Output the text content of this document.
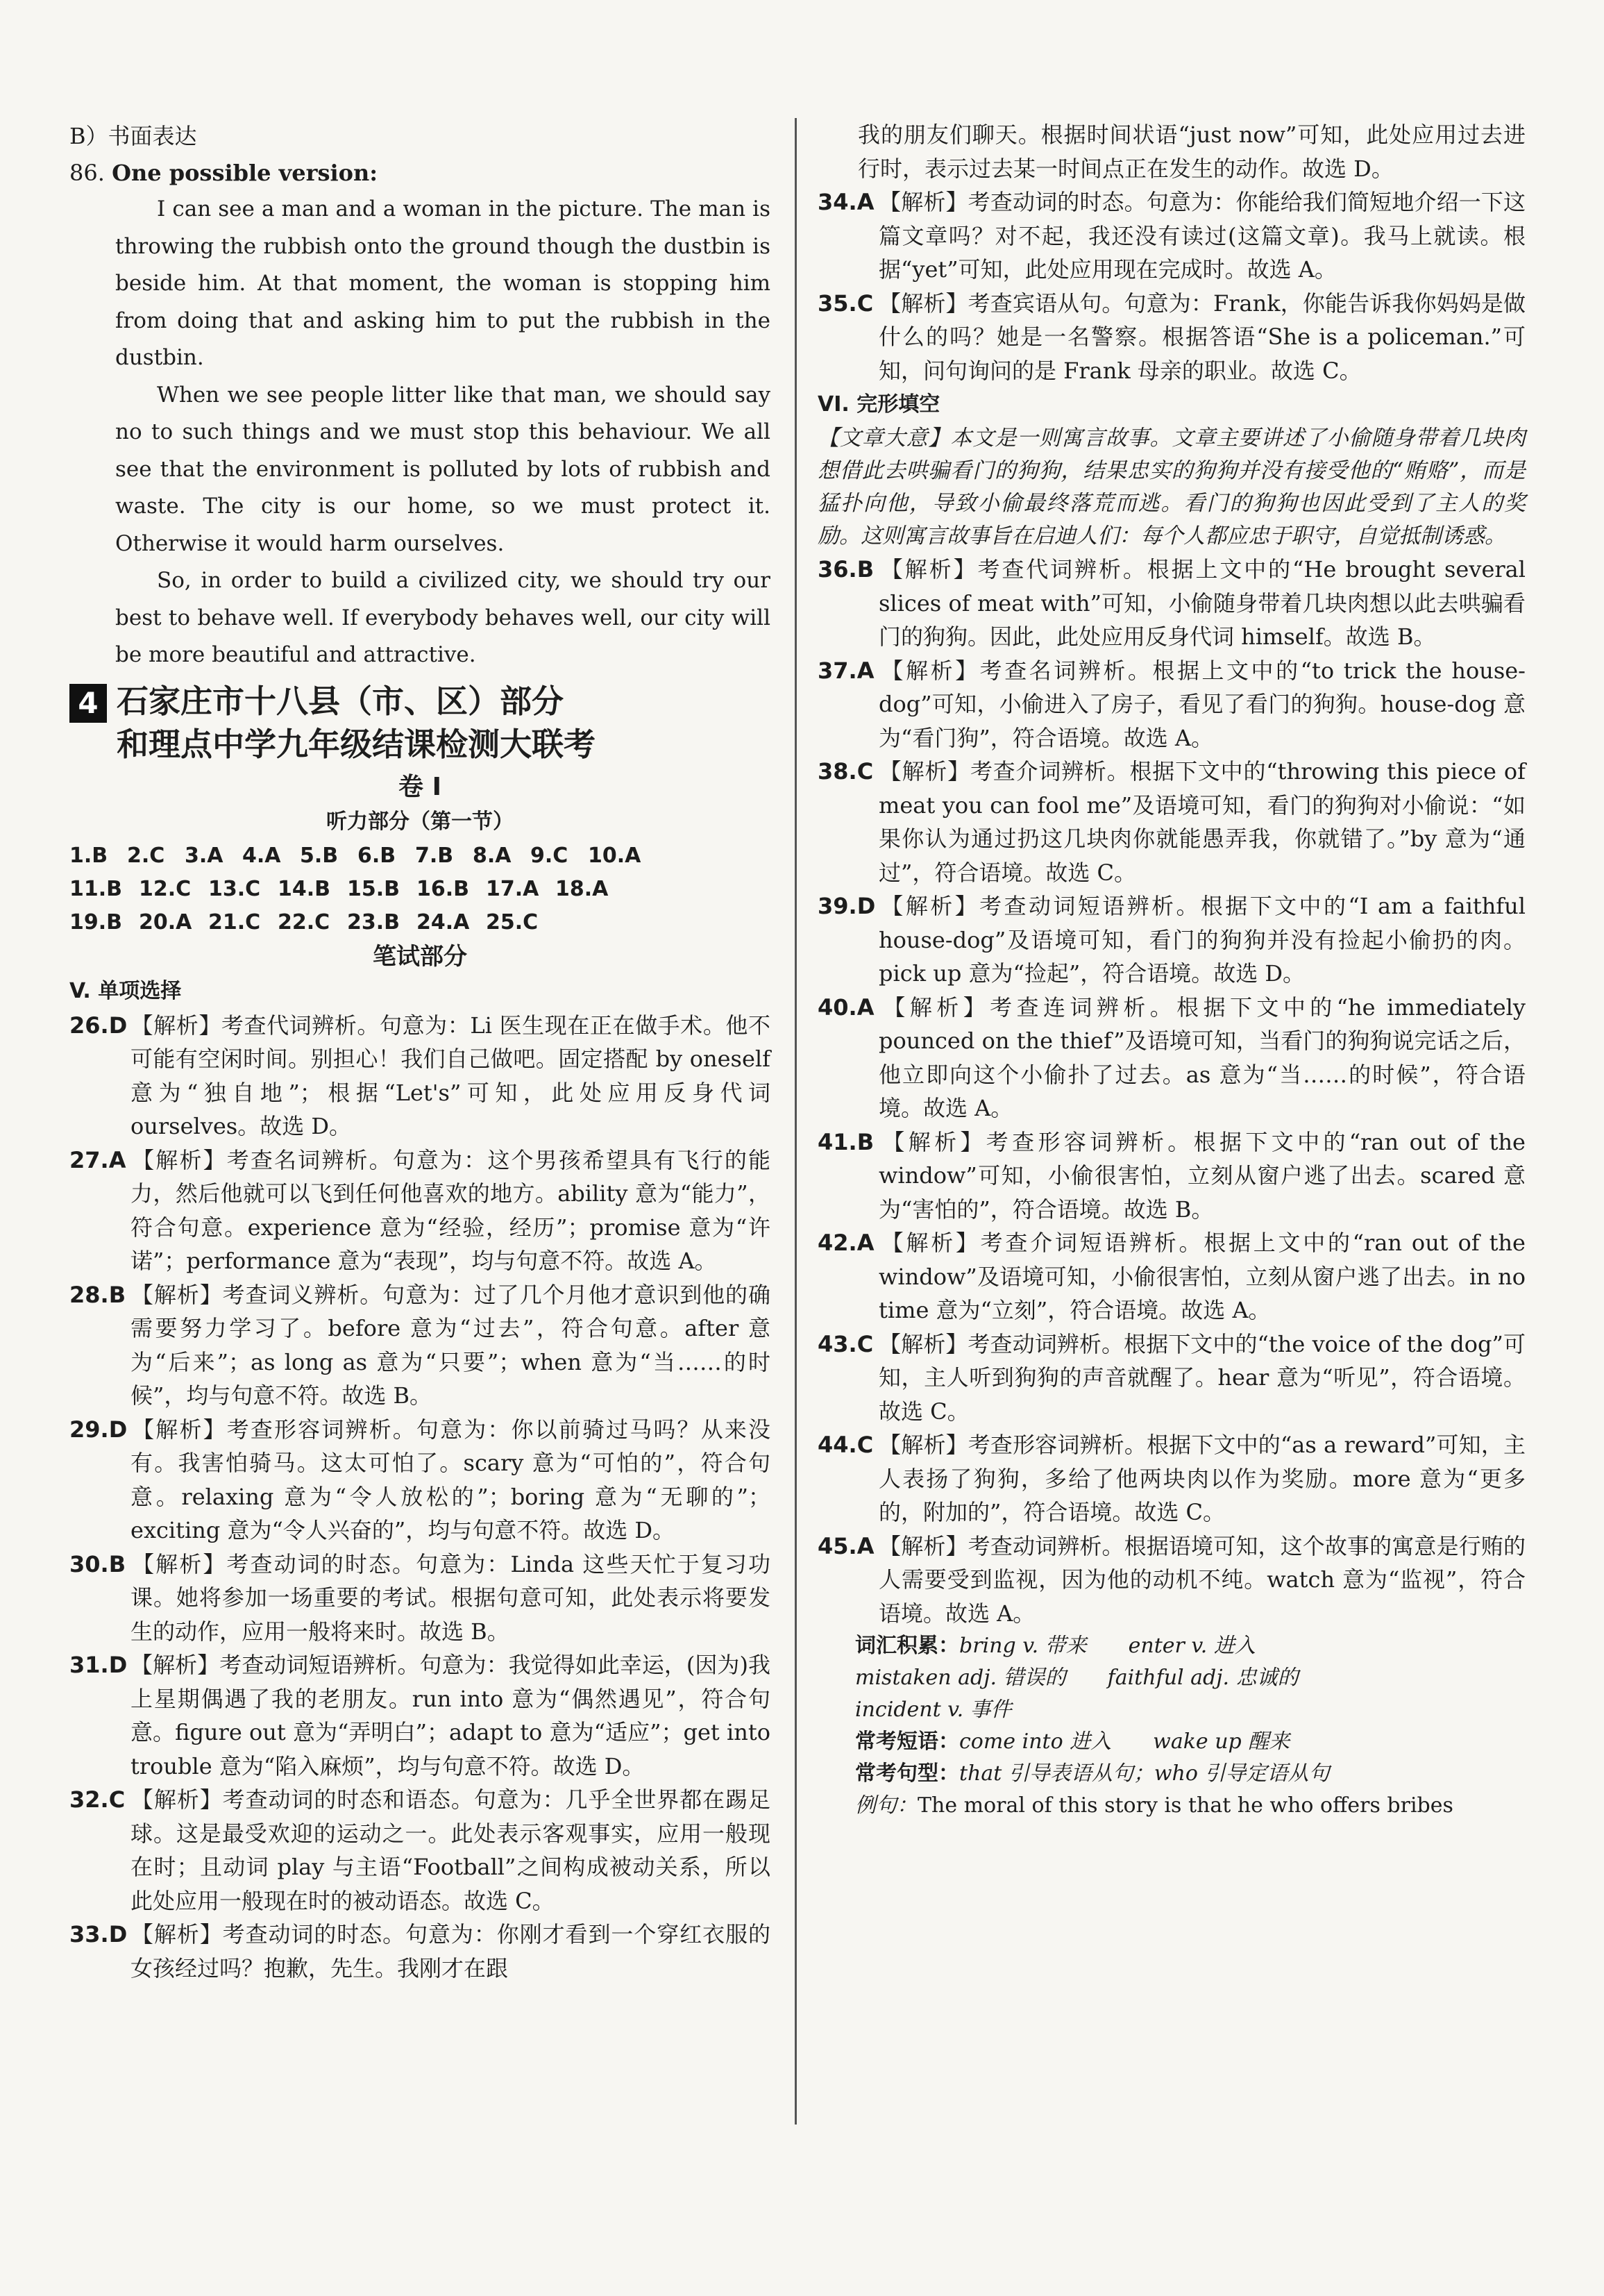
B）书面表达

86. One possible version:

I can see a man and a woman in the picture. The man is throwing the rubbish onto the ground though the dustbin is beside him. At that moment, the woman is stopping him from doing that and asking him to put the rubbish in the dustbin.

When we see people litter like that man, we should say no to such things and we must stop this behaviour. We all see that the environment is polluted by lots of rubbish and waste. The city is our home, so we must protect it. Otherwise it would harm ourselves.

So, in order to build a civilized city, we should try our best to behave well. If everybody behaves well, our city will be more beautiful and attractive.

4 石家庄市十八县（市、区）部分
和理点中学九年级结课检测大联考

卷 I

听力部分（第一节）

1.B 2.C 3.A 4.A 5.B 6.B 7.B 8.A 9.C 10.A
11.B 12.C 13.C 14.B 15.B 16.B 17.A 18.A
19.B 20.A 21.C 22.C 23.B 24.A 25.C

笔试部分

V. 单项选择

26.D 【解析】考查代词辨析。句意为：Li 医生现在正在做手术。他不可能有空闲时间。别担心！我们自己做吧。固定搭配 by oneself 意为“独自地”；根据“Let's”可知，此处应用反身代词 ourselves。故选 D。

27.A 【解析】考查名词辨析。句意为：这个男孩希望具有飞行的能力，然后他就可以飞到任何他喜欢的地方。ability 意为“能力”，符合句意。experience 意为“经验，经历”；promise 意为“许诺”；performance 意为“表现”，均与句意不符。故选 A。

28.B 【解析】考查词义辨析。句意为：过了几个月他才意识到他的确需要努力学习了。before 意为“过去”，符合句意。after 意为“后来”；as long as 意为“只要”；when 意为“当……的时候”，均与句意不符。故选 B。

29.D 【解析】考查形容词辨析。句意为：你以前骑过马吗？从来没有。我害怕骑马。这太可怕了。scary 意为“可怕的”，符合句意。relaxing 意为“令人放松的”；boring 意为“无聊的”；exciting 意为“令人兴奋的”，均与句意不符。故选 D。

30.B 【解析】考查动词的时态。句意为：Linda 这些天忙于复习功课。她将参加一场重要的考试。根据句意可知，此处表示将要发生的动作，应用一般将来时。故选 B。

31.D 【解析】考查动词短语辨析。句意为：我觉得如此幸运，(因为)我上星期偶遇了我的老朋友。run into 意为“偶然遇见”，符合句意。figure out 意为“弄明白”；adapt to 意为“适应”；get into trouble 意为“陷入麻烦”，均与句意不符。故选 D。

32.C 【解析】考查动词的时态和语态。句意为：几乎全世界都在踢足球。这是最受欢迎的运动之一。此处表示客观事实，应用一般现在时；且动词 play 与主语“Football”之间构成被动关系，所以此处应用一般现在时的被动语态。故选 C。

33.D 【解析】考查动词的时态。句意为：你刚才看到一个穿红衣服的女孩经过吗？抱歉，先生。我刚才在跟

我的朋友们聊天。根据时间状语“just now”可知，此处应用过去进行时，表示过去某一时间点正在发生的动作。故选 D。

34.A 【解析】考查动词的时态。句意为：你能给我们简短地介绍一下这篇文章吗？对不起，我还没有读过(这篇文章)。我马上就读。根据“yet”可知，此处应用现在完成时。故选 A。

35.C 【解析】考查宾语从句。句意为：Frank，你能告诉我你妈妈是做什么的吗？她是一名警察。根据答语“She is a policeman.”可知，问句询问的是 Frank 母亲的职业。故选 C。

VI. 完形填空

【文章大意】本文是一则寓言故事。文章主要讲述了小偷随身带着几块肉想借此去哄骗看门的狗狗，结果忠实的狗狗并没有接受他的“贿赂”，而是猛扑向他，导致小偷最终落荒而逃。看门的狗狗也因此受到了主人的奖励。这则寓言故事旨在启迪人们：每个人都应忠于职守，自觉抵制诱惑。

36.B 【解析】考查代词辨析。根据上文中的“He brought several slices of meat with”可知，小偷随身带着几块肉想以此去哄骗看门的狗狗。因此，此处应用反身代词 himself。故选 B。

37.A 【解析】考查名词辨析。根据上文中的“to trick the house-dog”可知，小偷进入了房子，看见了看门的狗狗。house-dog 意为“看门狗”，符合语境。故选 A。

38.C 【解析】考查介词辨析。根据下文中的“throwing this piece of meat you can fool me”及语境可知，看门的狗狗对小偷说：“如果你认为通过扔这几块肉你就能愚弄我，你就错了。”by 意为“通过”，符合语境。故选 C。

39.D 【解析】考查动词短语辨析。根据下文中的“I am a faithful house-dog”及语境可知，看门的狗狗并没有捡起小偷扔的肉。pick up 意为“捡起”，符合语境。故选 D。

40.A 【解析】考查连词辨析。根据下文中的“he immediately pounced on the thief”及语境可知，当看门的狗狗说完话之后，他立即向这个小偷扑了过去。as 意为“当……的时候”，符合语境。故选 A。

41.B 【解析】考查形容词辨析。根据下文中的“ran out of the window”可知，小偷很害怕，立刻从窗户逃了出去。scared 意为“害怕的”，符合语境。故选 B。

42.A 【解析】考查介词短语辨析。根据上文中的“ran out of the window”及语境可知，小偷很害怕，立刻从窗户逃了出去。in no time 意为“立刻”，符合语境。故选 A。

43.C 【解析】考查动词辨析。根据下文中的“the voice of the dog”可知，主人听到狗狗的声音就醒了。hear 意为“听见”，符合语境。故选 C。

44.C 【解析】考查形容词辨析。根据下文中的“as a reward”可知，主人表扬了狗狗，多给了他两块肉以作为奖励。more 意为“更多的，附加的”，符合语境。故选 C。

45.A 【解析】考查动词辨析。根据语境可知，这个故事的寓意是行贿的人需要受到监视，因为他的动机不纯。watch 意为“监视”，符合语境。故选 A。

词汇积累：bring v. 带来　　enter v. 进入

mistaken adj. 错误的　　faithful adj. 忠诚的

incident v. 事件

常考短语：come into 进入　　wake up 醒来

常考句型：that 引导表语从句；who 引导定语从句

例句：The moral of this story is that he who offers bribes
